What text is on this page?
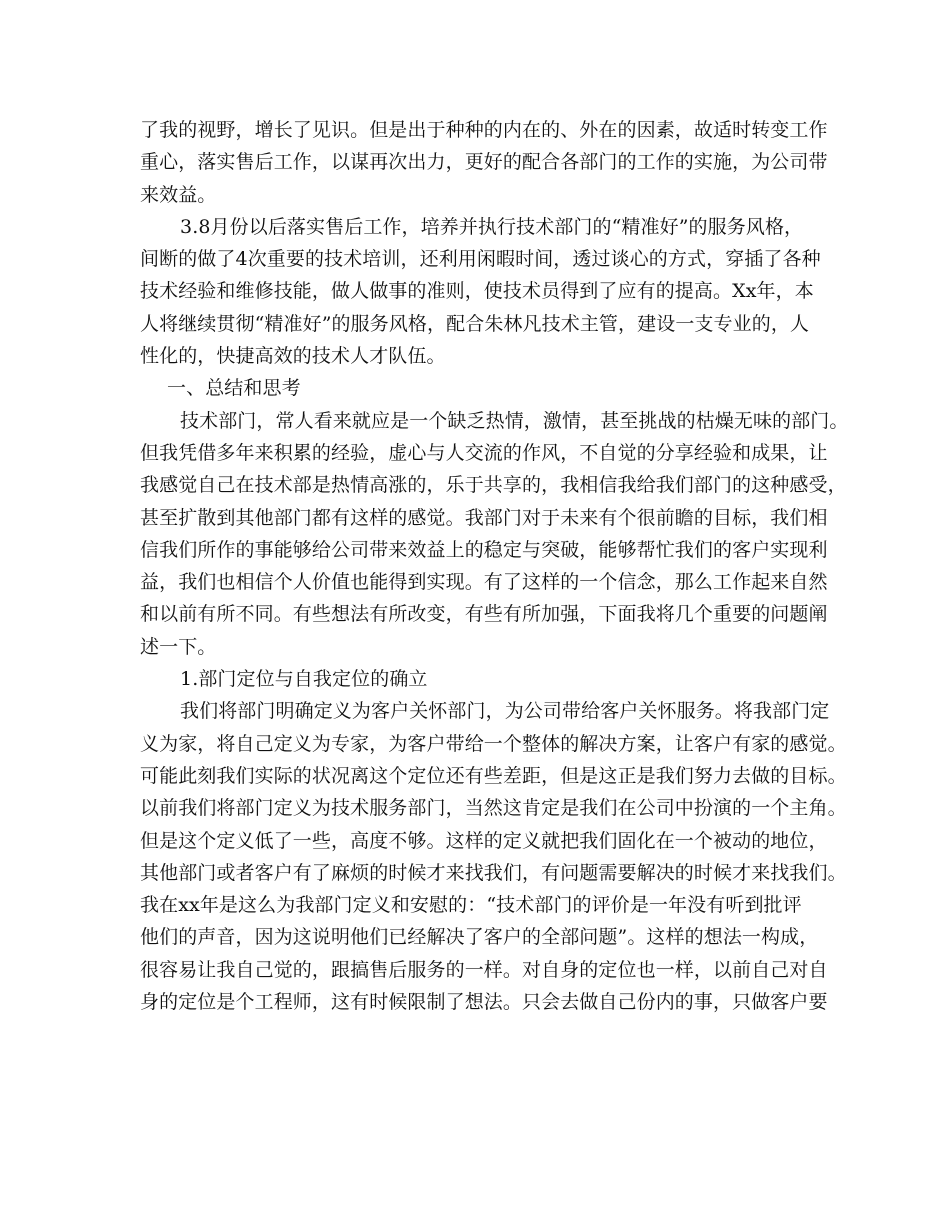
了我的视野，增长了见识。但是出于种种的内在的、外在的因素，故适时转变工作

重心，落实售后工作，以谋再次出力，更好的配合各部门的工作的实施，为公司带

来效益。

3.8月份以后落实售后工作，培养并执行技术部门的“精准好”的服务风格，

间断的做了4次重要的技术培训，还利用闲暇时间，透过谈心的方式，穿插了各种

技术经验和维修技能，做人做事的准则，使技术员得到了应有的提高。Xx年，本

人将继续贯彻“精准好”的服务风格，配合朱林凡技术主管，建设一支专业的，人

性化的，快捷高效的技术人才队伍。

一、总结和思考

技术部门，常人看来就应是一个缺乏热情，激情，甚至挑战的枯燥无味的部门。

但我凭借多年来积累的经验，虚心与人交流的作风，不自觉的分享经验和成果，让

我感觉自己在技术部是热情高涨的，乐于共享的，我相信我给我们部门的这种感受，

甚至扩散到其他部门都有这样的感觉。我部门对于未来有个很前瞻的目标，我们相

信我们所作的事能够给公司带来效益上的稳定与突破，能够帮忙我们的客户实现利

益，我们也相信个人价值也能得到实现。有了这样的一个信念，那么工作起来自然

和以前有所不同。有些想法有所改变，有些有所加强，下面我将几个重要的问题阐

述一下。

1.部门定位与自我定位的确立

我们将部门明确定义为客户关怀部门，为公司带给客户关怀服务。将我部门定

义为家，将自己定义为专家，为客户带给一个整体的解决方案，让客户有家的感觉。

可能此刻我们实际的状况离这个定位还有些差距，但是这正是我们努力去做的目标。

以前我们将部门定义为技术服务部门，当然这肯定是我们在公司中扮演的一个主角。

但是这个定义低了一些，高度不够。这样的定义就把我们固化在一个被动的地位，

其他部门或者客户有了麻烦的时候才来找我们，有问题需要解决的时候才来找我们。

我在xx年是这么为我部门定义和安慰的：“技术部门的评价是一年没有听到批评

他们的声音，因为这说明他们已经解决了客户的全部问题”。这样的想法一构成，

很容易让我自己觉的，跟搞售后服务的一样。对自身的定位也一样，以前自己对自

身的定位是个工程师，这有时候限制了想法。只会去做自己份内的事，只做客户要
